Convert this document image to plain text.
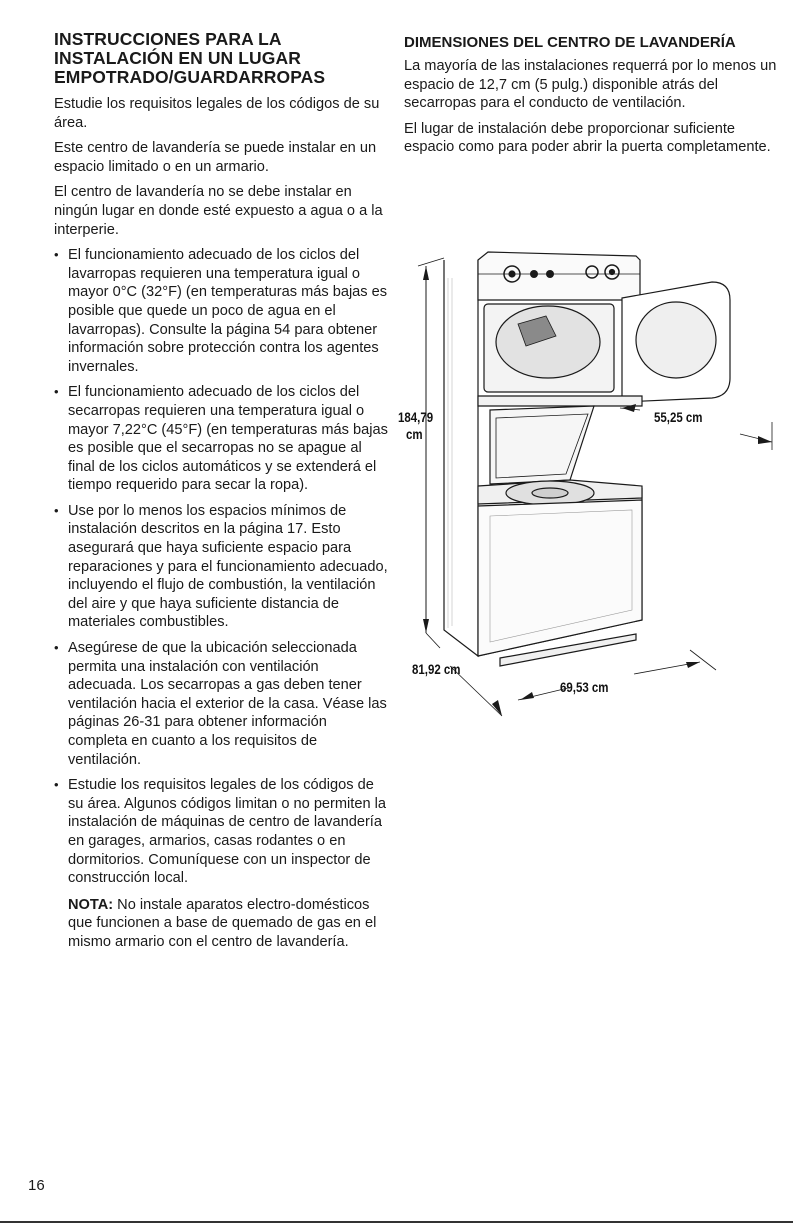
INSTRUCCIONES PARA LA INSTALACIÓN EN UN LUGAR EMPOTRADO/GUARDARROPAS

Estudie los requisitos legales de los códigos de su área.

Este centro de lavandería se puede instalar en un espacio limitado o en un armario.

El centro de lavandería no se debe instalar en ningún lugar en donde esté expuesto a agua o a la interperie.

• El funcionamiento adecuado de los ciclos del lavarropas requieren una temperatura igual o mayor 0°C (32°F) (en temperaturas más bajas es posible que quede un poco de agua en el lavarropas). Consulte la página 54 para obtener información sobre protección contra los agentes invernales.
• El funcionamiento adecuado de los ciclos del secarropas requieren una temperatura igual o mayor 7,22°C (45°F) (en temperaturas más bajas es posible que el secarropas no se apague al final de los ciclos automáticos y se extenderá el tiempo requerido para secar la ropa).
• Use por lo menos los espacios mínimos de instalación descritos en la página 17. Esto asegurará que haya suficiente espacio para reparaciones y para el funcionamiento adecuado, incluyendo el flujo de combustión, la ventilación del aire y que haya suficiente distancia de materiales combustibles.
• Asegúrese de que la ubicación seleccionada permita una instalación con ventilación adecuada. Los secarropas a gas deben tener ventilación hacia el exterior de la casa. Véase las páginas 26-31 para obtener información completa en cuanto a los requisitos de ventilación.
• Estudie los requisitos legales de los códigos de su área. Algunos códigos limitan o no permiten la instalación de máquinas de centro de lavandería en garages, armarios, casas rodantes o en dormitorios. Comuníquese con un inspector de construcción local.

NOTA: No instale aparatos electro-domésticos que funcionen a base de quemado de gas en el mismo armario con el centro de lavandería.

DIMENSIONES DEL CENTRO DE LAVANDERÍA

La mayoría de las instalaciones requerrá por lo menos un espacio de 12,7 cm (5 pulg.) disponible atrás del secarropas para el conducto de ventilación.

El lugar de instalación debe proporcionar suficiente espacio como para poder abrir la puerta completamente.

184,79
cm
55,25 cm
81,92 cm
69,53 cm
16
